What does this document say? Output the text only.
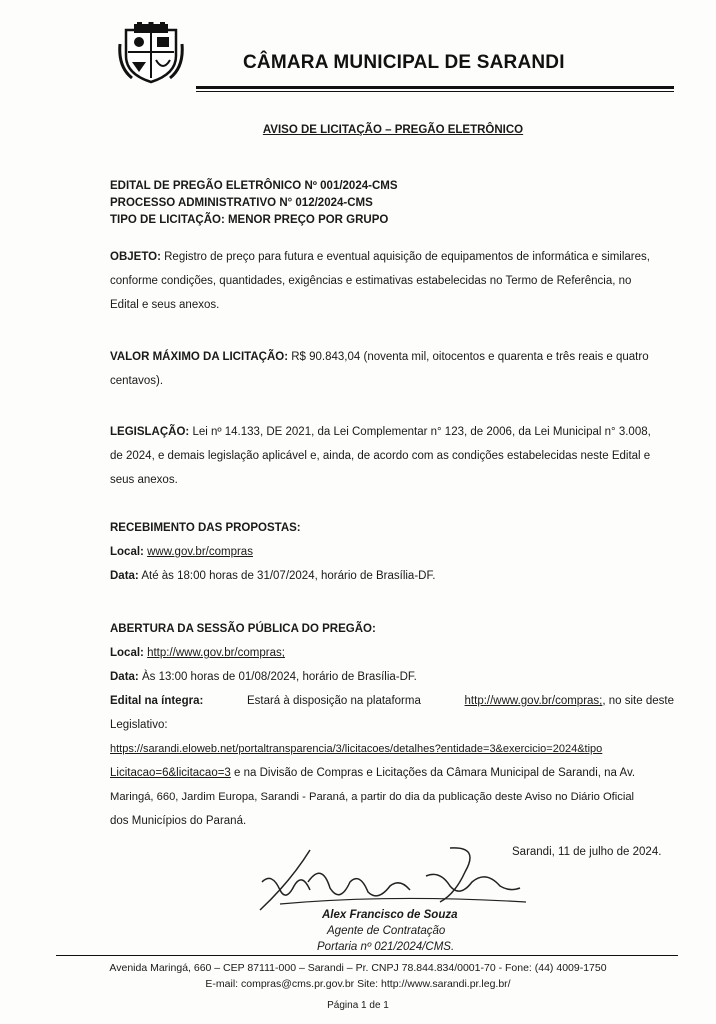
CÂMARA MUNICIPAL DE SARANDI
AVISO DE LICITAÇÃO – PREGÃO ELETRÔNICO
EDITAL DE PREGÃO ELETRÔNICO Nº 001/2024-CMS
PROCESSO ADMINISTRATIVO N° 012/2024-CMS
TIPO DE LICITAÇÃO: MENOR PREÇO POR GRUPO
OBJETO: Registro de preço para futura e eventual aquisição de equipamentos de informática e similares,
conforme condições, quantidades, exigências e estimativas estabelecidas no Termo de Referência, no
Edital e seus anexos.
VALOR MÁXIMO DA LICITAÇÃO: R$ 90.843,04 (noventa mil, oitocentos e quarenta e três reais e quatro
centavos).
LEGISLAÇÃO: Lei nº 14.133, DE 2021, da Lei Complementar n° 123, de 2006, da Lei Municipal n° 3.008,
de 2024, e demais legislação aplicável e, ainda, de acordo com as condições estabelecidas neste Edital e
seus anexos.
RECEBIMENTO DAS PROPOSTAS:
Local: www.gov.br/compras
Data: Até às 18:00 horas de 31/07/2024, horário de Brasília-DF.
ABERTURA DA SESSÃO PÚBLICA DO PREGÃO:
Local: http://www.gov.br/compras;
Data: Às 13:00 horas de 01/08/2024, horário de Brasília-DF.
Edital na íntegra:	Estará à disposição na plataforma	http://www.gov.br/compras;, no site deste
Legislativo:
https://sarandi.eloweb.net/portaltransparencia/3/licitacoes/detalhes?entidade=3&exercicio=2024&tipo
Licitacao=6&licitacao=3 e na Divisão de Compras e Licitações da Câmara Municipal de Sarandi, na Av.
Maringá, 660, Jardim Europa, Sarandi - Paraná, a partir do dia da publicação deste Aviso no Diário Oficial
dos Municípios do Paraná.
Sarandi, 11 de julho de 2024.
Alex Francisco de Souza
Agente de Contratação
Portaria nº 021/2024/CMS.
Avenida Maringá, 660 – CEP 87111-000 – Sarandi – Pr. CNPJ 78.844.834/0001-70 - Fone: (44) 4009-1750
E-mail: compras@cms.pr.gov.br Site: http://www.sarandi.pr.leg.br/
Página 1 de 1
